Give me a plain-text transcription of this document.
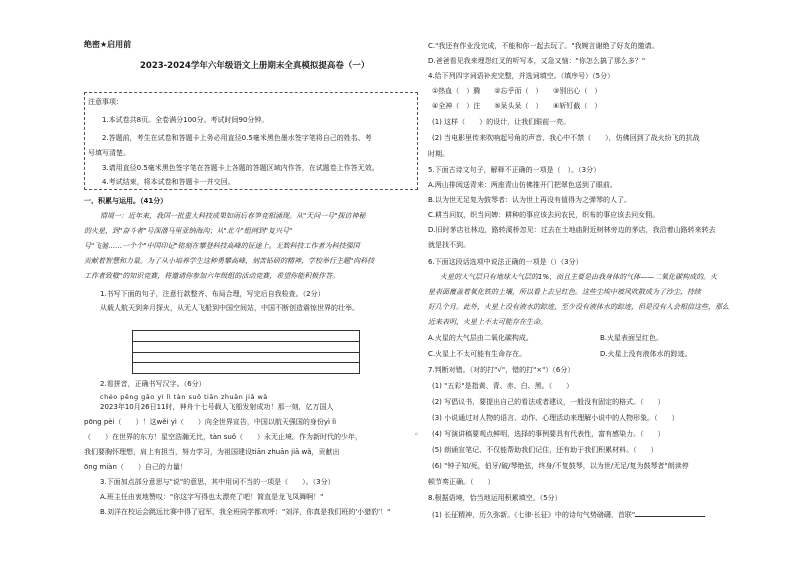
绝密★启用前
2023-2024学年六年级语文上册期末全真模拟提高卷（一）
注意事项：
1.本试卷共8页。全卷满分100分。考试时间90分钟。
2.答题前，考生在试卷和答题卡上务必用直径0.5毫米黑色墨水签字笔将自己的姓名、考
号填写清楚。
3.请用直径0.5毫米黑色签字笔在答题卡上各题的答题区域内作答，在试题卷上作答无效。
4.考试结束，将本试卷和答题卡一并交回。
一、积累与运用。（41分）
情境一：近年来，我国一批重大科技成果如雨后春笋竞相涌现。从"天问一号"探访神秘
的火星，到"奋斗者"号深潜马里亚纳海沟；从"北斗"组网到"复兴号"
号"飞驰……一个个"中国印记"铭刻在攀登科技高峰的征途上。无数科技工作者为科技强国
贡献着智慧和力量。为了从小培养学生这种勇攀高峰，刻苦钻研的精神，学校举行主题"向科技
工作者致敬"的知识竞赛，将邀请你参加六年级组的活动竞赛，希望你能积极作答。
1.书写下面的句子，注意行款整齐、布局合理，写完后自我检查。（2分）
从载人航天到奔月探火，从无人飞船到中国空间站，中国不断创造震惊世界的壮举。
2.看拼音，正确书写汉字。（6分）
chéo pēng gāo yì lì tàn suǒ tiān zhuān jiā wǎ
2023年10月26日11时，神舟十七号载人飞船发射成功！那一刻，亿万国人
pōng pèi（　　）！这wěi yì（　　）向全世界宣告，中国以航天强国的身份yì lì
（　　）在世界的东方！星空浩瀚无比，tàn suǒ（　　）永无止境。作为新时代的少年，
我们要胸怀理想，肩上有担当，努力学习，为祖国建设tiān zhuān jiā wǎ，贡献出
ōng miàn（　　）自己的力量！
3.下面加点部分意思与"说"的意思，其中用词不当的一项是（　　）。（3分）
A.班主任由衷地赞叹："你这字写得也太漂亮了吧！简直是龙飞凤舞啊！"
B.刘洋在校运会跳远比赛中得了冠军，我全班同学都欢呼："刘洋，你真是我们班的'小猎豹'！"
。
C."我还有作业没完成，不能和你一起去玩了。"我婉言谢绝了好友的邀请。
D.爸爸看见我来埋怨红叉的听写本，又急又恼："你怎么搞了那么多？"
4.给下列四字词语补充完整，并选词填空。（填序号）（5分）
①热血（　）腾　　②忘乎而（　）　　③别出心（　）
④全神（　）注　　⑤呆头呆（　）　　⑥斩钉截（　）
(1) 这样（　　）的设计，让我们眼前一亮。
(2) 当电影里传来吹响起号角的声音，我心中不禁（　　），仿佛回到了战火纷飞的抗战
时期。
5.下面古诗文句子，解释不正确的一项是（　）。（3分）
A.两山排闼送青来：两座青山仿佛推开门把翠色送到了眼前。
B.以为世无足复为鼓琴者：认为世上再没有值得为之弹琴的人了。
C.耕当问奴，织当问婢：耕种的事应该去问农民，织布的事应该去问女佣。
D.旧时茅店社林边，路转溪桥忽见：过去在土地庙附近树林旁边的茅店，我沿着山路转来转去
就是找不到。
6.下面这段话选项中说法正确的一项是（）（3分）
火星的大气层只有地球大气层的1%，而且主要是由我身体的气体——二氧化碳构成的。火
星表面覆盖着氧化铁的土壤，所以看上去呈红色。这些尘埃中被风吹散成为了沙尘，持续
好几个月。此外，火星上没有液水的踪迹，至少没有液体水的踪迹，但是没有人会相信这些，那么
近来表明，火星上不太可能存在生命。
A.火星的大气层由二氧化碳构成。	B.火星表面呈红色。
C.火星上不太可能有生命存在。	D.火星上没有液体水的踪迹。
7.判断对错。（对的打"√"，错的打"×"）（6分）
(1) "五彩"是指黄、青、赤、白、黑。（　　）
(2) 写倡议书，要提出自己的看法或者建议，一般没有固定的格式。（　　）
(3) 小说通过对人物的语言、动作、心理活动来理解小说中的人物形象。（　　）
(4) 写演讲稿要观点鲜明，选择的事例要具有代表性，富有感染力。（　　）
(5) 朗诵宣笔记、不仅能帮助我们记住，还有助于我们积累材料。（　　）
(6) "钟子知/死，伯牙/破/琴绝弦，终身/不复鼓琴，以为世/无足/复为鼓琴者"朗读停
顿节奏正确。（　　）
8.根据语境，恰当地运用积累填空。（5分）
(1) 长征精神，历久弥新。《七律·长征》中的诗句气势磅礴，首联"
